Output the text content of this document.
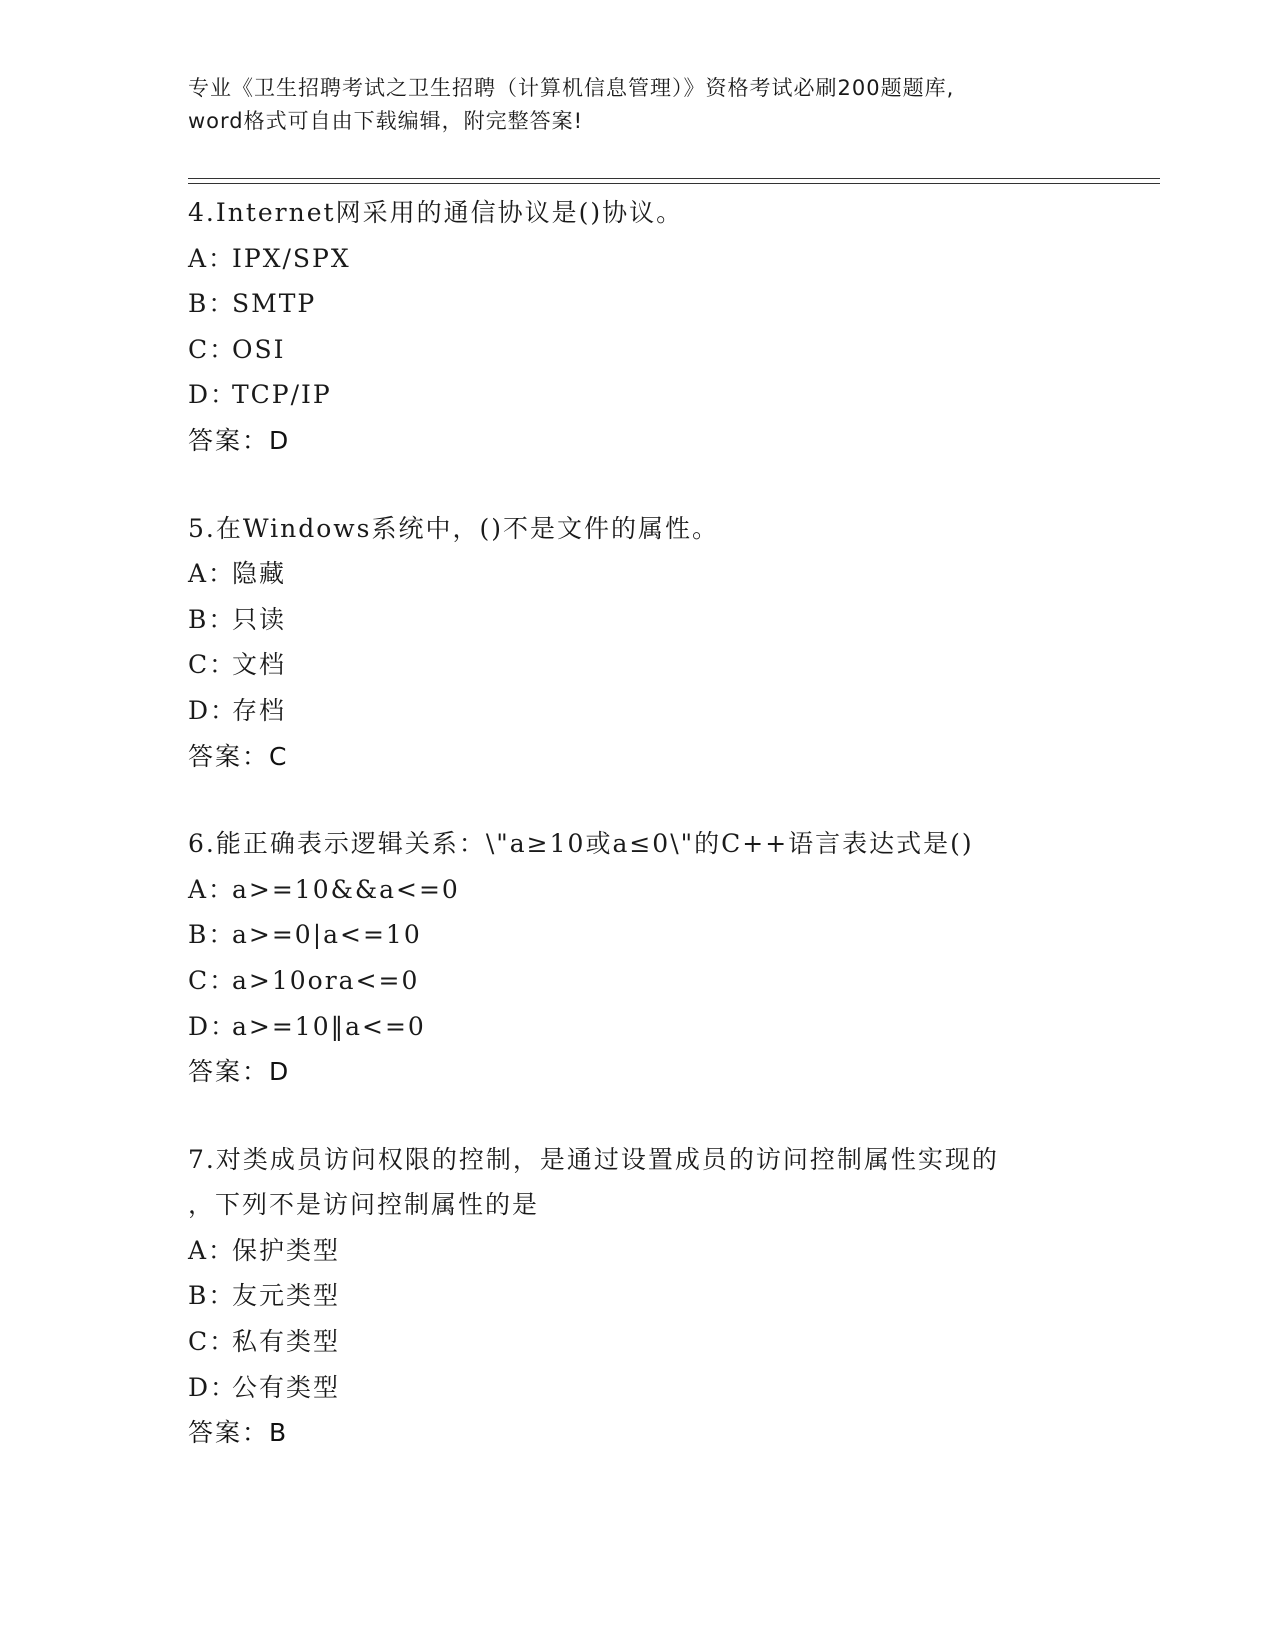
专业《卫生招聘考试之卫生招聘（计算机信息管理）》资格考试必刷200题题库,
word格式可自由下载编辑，附完整答案!
4.Internet网采用的通信协议是()协议。
A：IPX/SPX
B：SMTP
C：OSI
D：TCP/IP
答案：D
5.在Windows系统中，()不是文件的属性。
A：隐藏
B：只读
C：文档
D：存档
答案：C
6.能正确表示逻辑关系：\"a≥10或a≤0\"的C++语言表达式是()
A：a>=10&&a<=0
B：a>=0|a<=10
C：a>10ora<=0
D：a>=10‖a<=0
答案：D
7.对类成员访问权限的控制，是通过设置成员的访问控制属性实现的
，下列不是访问控制属性的是
A：保护类型
B：友元类型
C：私有类型
D：公有类型
答案：B
